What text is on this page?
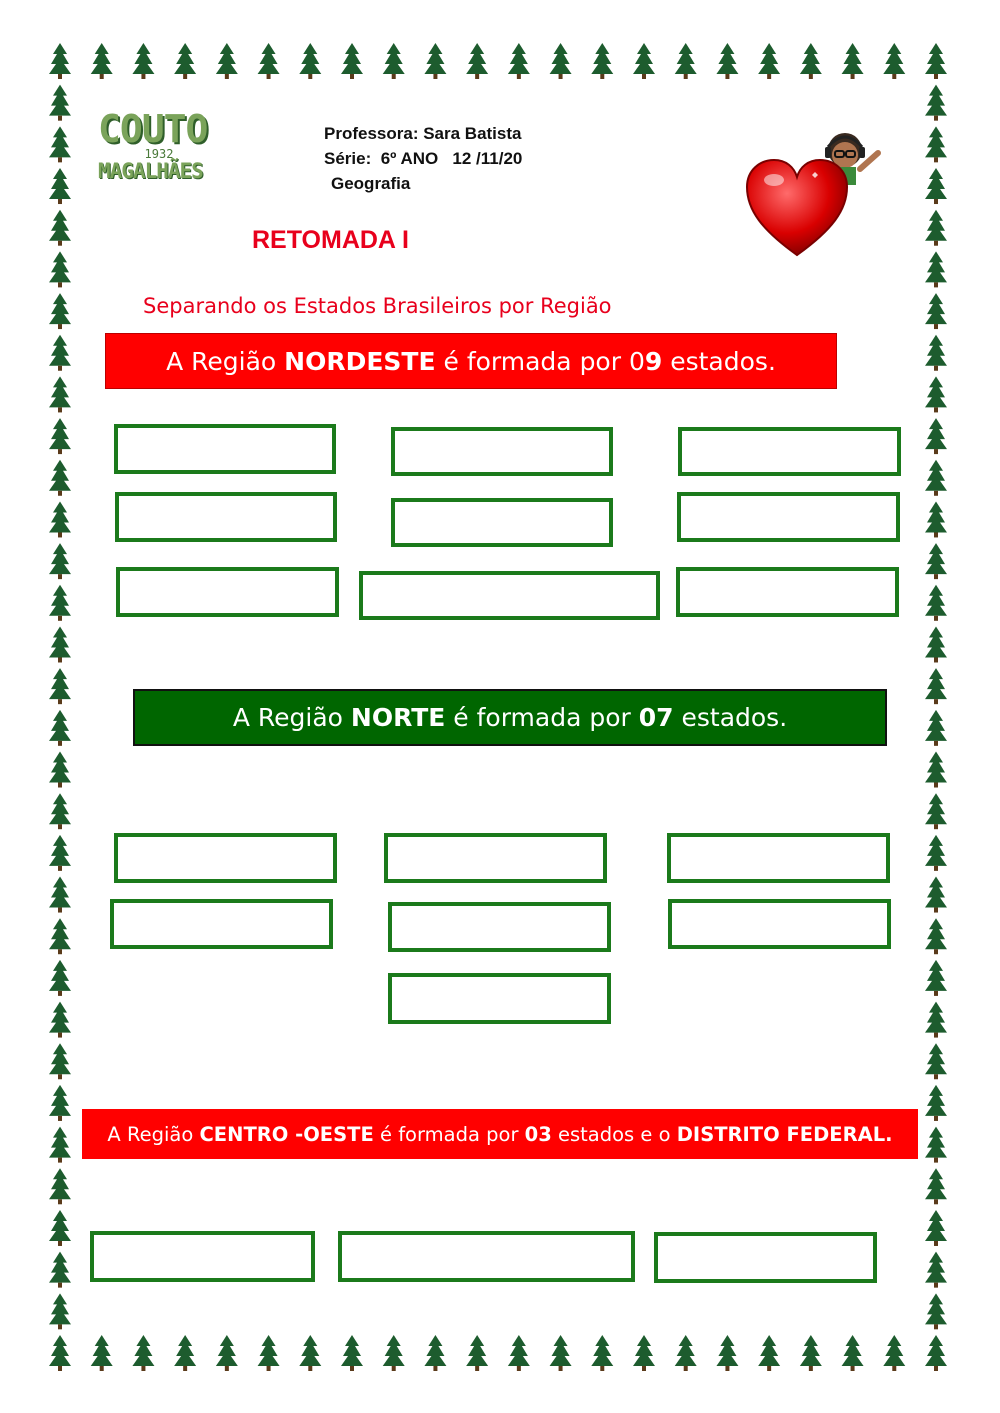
COUTO
1932
MAGALHÃES
Professora: Sara Batista
Série:  6º ANO   12 /11/20
Geografia
RETOMADA I
Separando os Estados Brasileiros por Região
A Região NORDESTE é formada por 0 9 estados.
A Região NORTE é formada por 07 estados.
A Região CENTRO -OESTE é formada por 03 estados e o DISTRITO FEDERAL.
